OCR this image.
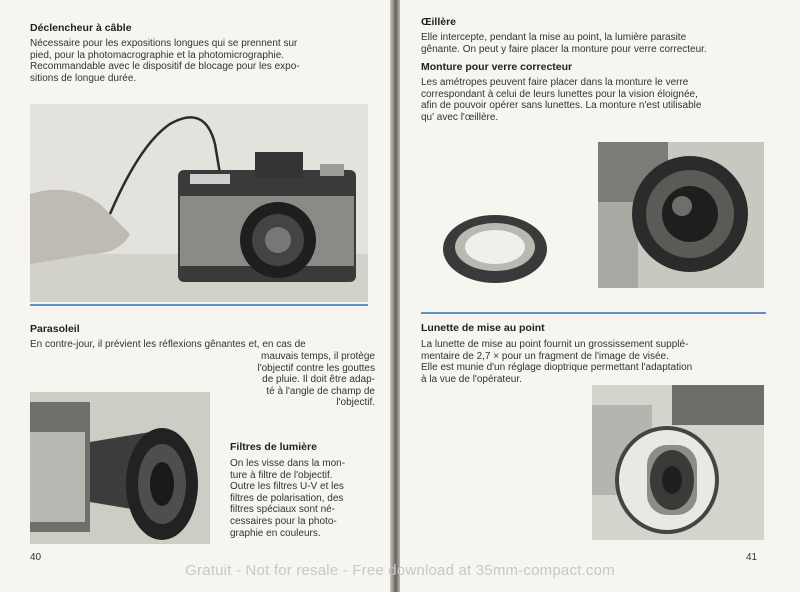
Déclencheur à câble

Nécessaire pour les expositions longues qui se prennent sur
pied, pour la photomacrographie et la photomicrographie.
Recommandable avec le dispositif de blocage pour les expo-
sitions de longue durée.

Parasoleil

En contre-jour, il prévient les réflexions gênantes et, en cas de

mauvais temps, il protège
l'objectif contre les gouttes
de pluie. Il doit être adap-
té à l'angle de champ de
l'objectif.

Filtres de lumière

On les visse dans la mon-
ture à filtre de l'objectif.
Outre les filtres U-V et les
filtres de polarisation, des
filtres spéciaux sont né-
cessaires pour la photo-
graphie en couleurs.

40
Œillère

Elle intercepte, pendant la mise au point, la lumière parasite
gênante. On peut y faire placer la monture pour verre correcteur.

Monture pour verre correcteur

Les amétropes peuvent faire placer dans la monture le verre
correspondant à celui de leurs lunettes pour la vision éloignée,
afin de pouvoir opérer sans lunettes. La monture n'est utilisable
qu' avec l'œillère.

Lunette de mise au point

La lunette de mise au point fournit un grossissement supplé-
mentaire de 2,7 × pour un fragment de l'image de visée.
Elle est munie d'un réglage dioptrique permettant l'adaptation
à la vue de l'opérateur.

41
Gratuit - Not for resale - Free download at 35mm-compact.com
